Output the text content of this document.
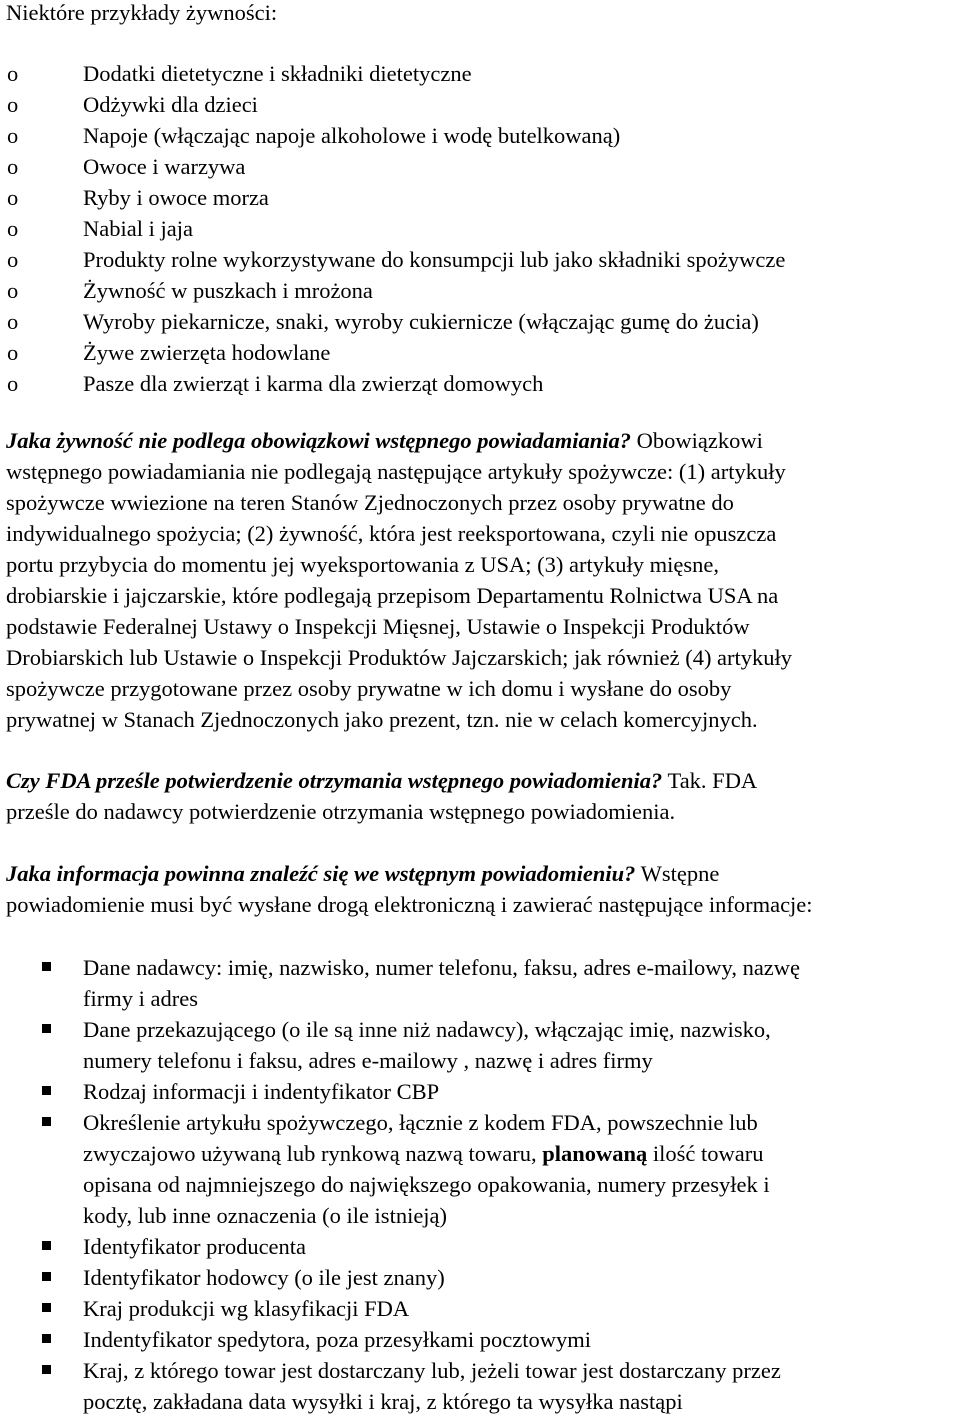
Niektóre przykłady żywności:

o	Dodatki dietetyczne i składniki dietetyczne
o	Odżywki dla dzieci
o	Napoje (włączając napoje alkoholowe i wodę butelkowaną)
o	Owoce i warzywa
o	Ryby i owoce morza
o	Nabial i jaja
o	Produkty rolne wykorzystywane do konsumpcji lub jako składniki spożywcze
o	Żywność w puszkach i mrożona
o	Wyroby piekarnicze, snaki, wyroby cukiernicze (włączając gumę do żucia)
o	Żywe zwierzęta hodowlane
o	Pasze dla zwierząt i karma dla zwierząt domowych
Jaka żywność nie podlega obowiązkowi wstępnego powiadamiania? Obowiązkowi
wstępnego powiadamiania nie podlegają następujące artykuły spożywcze: (1) artykuły
spożywcze wwiezione na teren Stanów Zjednoczonych przez osoby prywatne do
indywidualnego spożycia; (2) żywność, która jest reeksportowana, czyli nie opuszcza
portu przybycia do momentu jej wyeksportowania z USA; (3) artykuły mięsne,
drobiarskie i jajczarskie, które podlegają przepisom Departamentu Rolnictwa USA na
podstawie Federalnej Ustawy o Inspekcji Mięsnej, Ustawie o Inspekcji Produktów
Drobiarskich lub Ustawie o Inspekcji Produktów Jajczarskich; jak również (4) artykuły
spożywcze przygotowane przez osoby prywatne w ich domu i wysłane do osoby
prywatnej w Stanach Zjednoczonych jako prezent, tzn. nie w celach komercyjnych.
Czy FDA prześle potwierdzenie otrzymania wstępnego powiadomienia? Tak. FDA
prześle do nadawcy potwierdzenie otrzymania wstępnego powiadomienia.
Jaka informacja powinna znaleźć się we wstępnym powiadomieniu? Wstępne
powiadomienie musi być wysłane drogą elektroniczną i zawierać następujące informacje:
Dane nadawcy: imię, nazwisko, numer telefonu, faksu, adres e-mailowy, nazwę
firmy i adres
Dane przekazującego (o ile są inne niż nadawcy), włączając imię, nazwisko,
numery telefonu i faksu, adres e-mailowy , nazwę i adres firmy
Rodzaj informacji i indentyfikator CBP
Określenie artykułu spożywczego, łącznie z kodem FDA, powszechnie lub
zwyczajowo używaną lub rynkową nazwą towaru, planowaną ilość towaru
opisana od najmniejszego do największego opakowania, numery przesyłek i
kody, lub inne oznaczenia (o ile istnieją)
Identyfikator producenta
Identyfikator hodowcy (o ile jest znany)
Kraj produkcji wg klasyfikacji FDA
Indentyfikator spedytora, poza przesyłkami pocztowymi
Kraj, z którego towar jest dostarczany lub, jeżeli towar jest dostarczany przez
pocztę, zakładana data wysyłki i kraj, z którego ta wysyłka nastąpi
